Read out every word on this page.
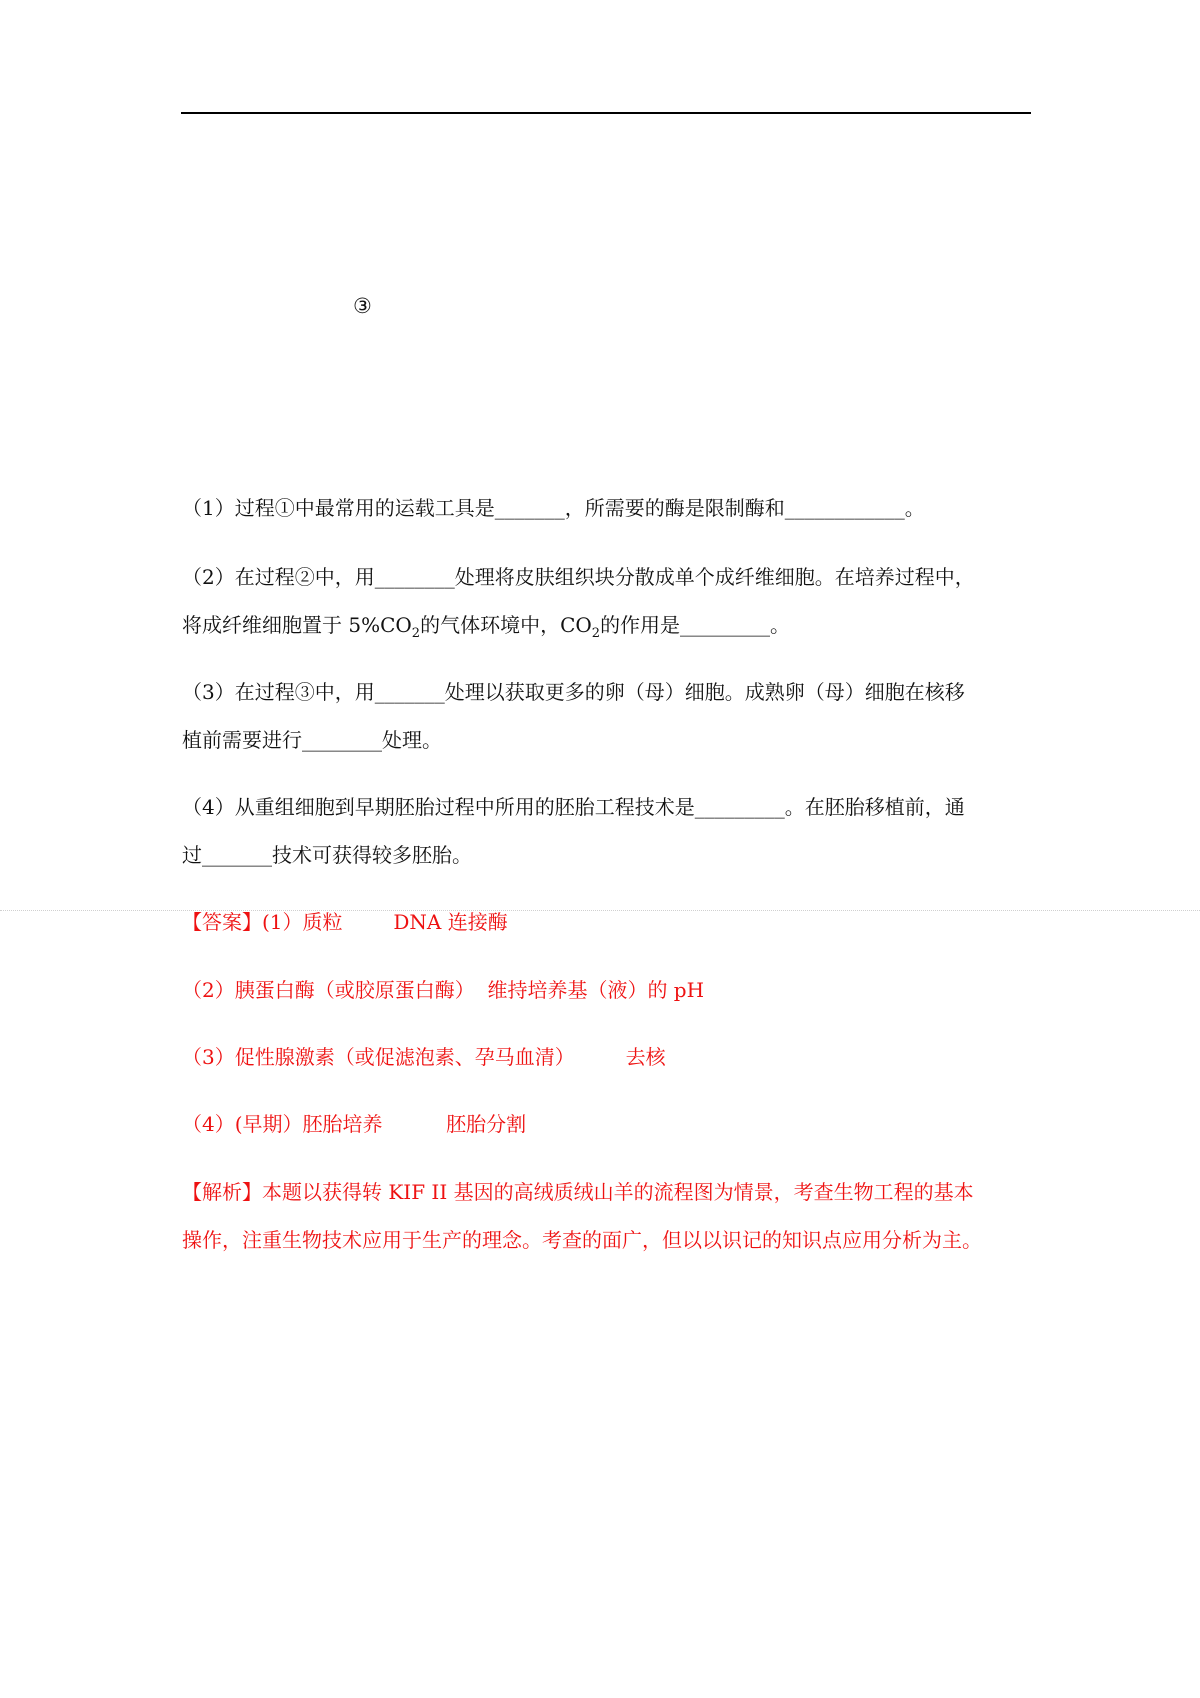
③
（1）过程①中最常用的运载工具是_______，所需要的酶是限制酶和____________。
（2）在过程②中，用________处理将皮肤组织块分散成单个成纤维细胞。在培养过程中，
将成纤维细胞置于 $5\%CO_2$的气体环境中，$CO_2$的作用是_________。
（3）在过程③中，用_______处理以获取更多的卵（母）细胞。成熟卵（母）细胞在核移
植前需要进行________处理。
（4）从重组细胞到早期胚胎过程中所用的胚胎工程技术是_________。在胚胎移植前，通
过_______技术可获得较多胚胎。
【答案】(1）质粒        DNA 连接酶
（2）胰蛋白酶（或胶原蛋白酶）  维持培养基（液）的 pH
（3）促性腺激素（或促滤泡素、孕马血清）        去核
（4）(早期）胚胎培养          胚胎分割
【解析】本题以获得转 KIF II 基因的高绒质绒山羊的流程图为情景，考查生物工程的基本
操作，注重生物技术应用于生产的理念。考查的面广，但以以识记的知识点应用分析为主。
